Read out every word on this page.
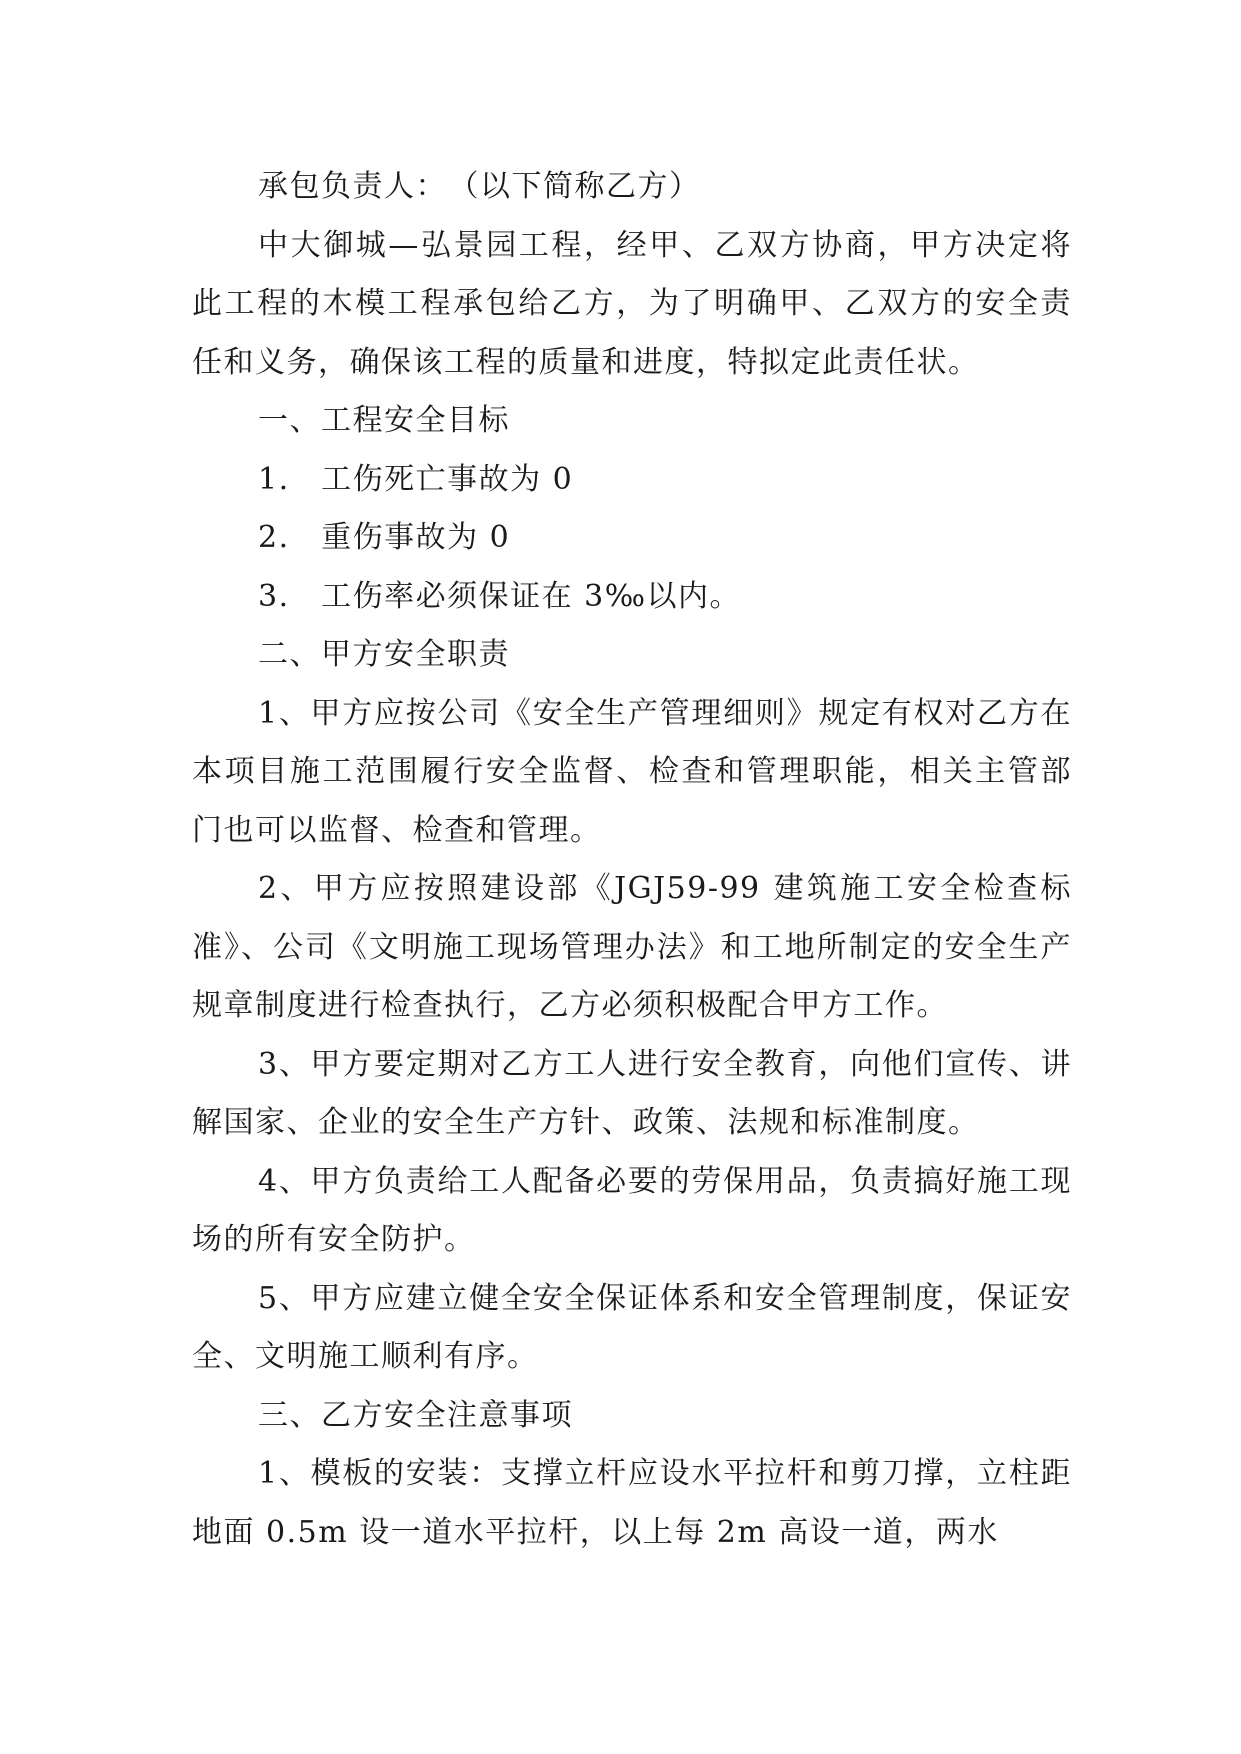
承包负责人：　（以下简称乙方）

中大御城—弘景园工程，经甲、乙双方协商，甲方决定将此工程的木模工程承包给乙方，为了明确甲、乙双方的安全责任和义务，确保该工程的质量和进度，特拟定此责任状。

一、工程安全目标

1.　工伤死亡事故为 0

2.　重伤事故为 0

3.　工伤率必须保证在 3‰以内。

二、甲方安全职责

1、甲方应按公司《安全生产管理细则》规定有权对乙方在本项目施工范围履行安全监督、检查和管理职能，相关主管部门也可以监督、检查和管理。

2、甲方应按照建设部《JGJ59-99 建筑施工安全检查标准》、公司《文明施工现场管理办法》和工地所制定的安全生产规章制度进行检查执行，乙方必须积极配合甲方工作。

3、甲方要定期对乙方工人进行安全教育，向他们宣传、讲解国家、企业的安全生产方针、政策、法规和标准制度。

4、甲方负责给工人配备必要的劳保用品，负责搞好施工现场的所有安全防护。

5、甲方应建立健全安全保证体系和安全管理制度，保证安全、文明施工顺利有序。

三、乙方安全注意事项

1、模板的安装：支撑立杆应设水平拉杆和剪刀撑，立柱距地面 0.5m 设一道水平拉杆，以上每 2m 高设一道，两水
